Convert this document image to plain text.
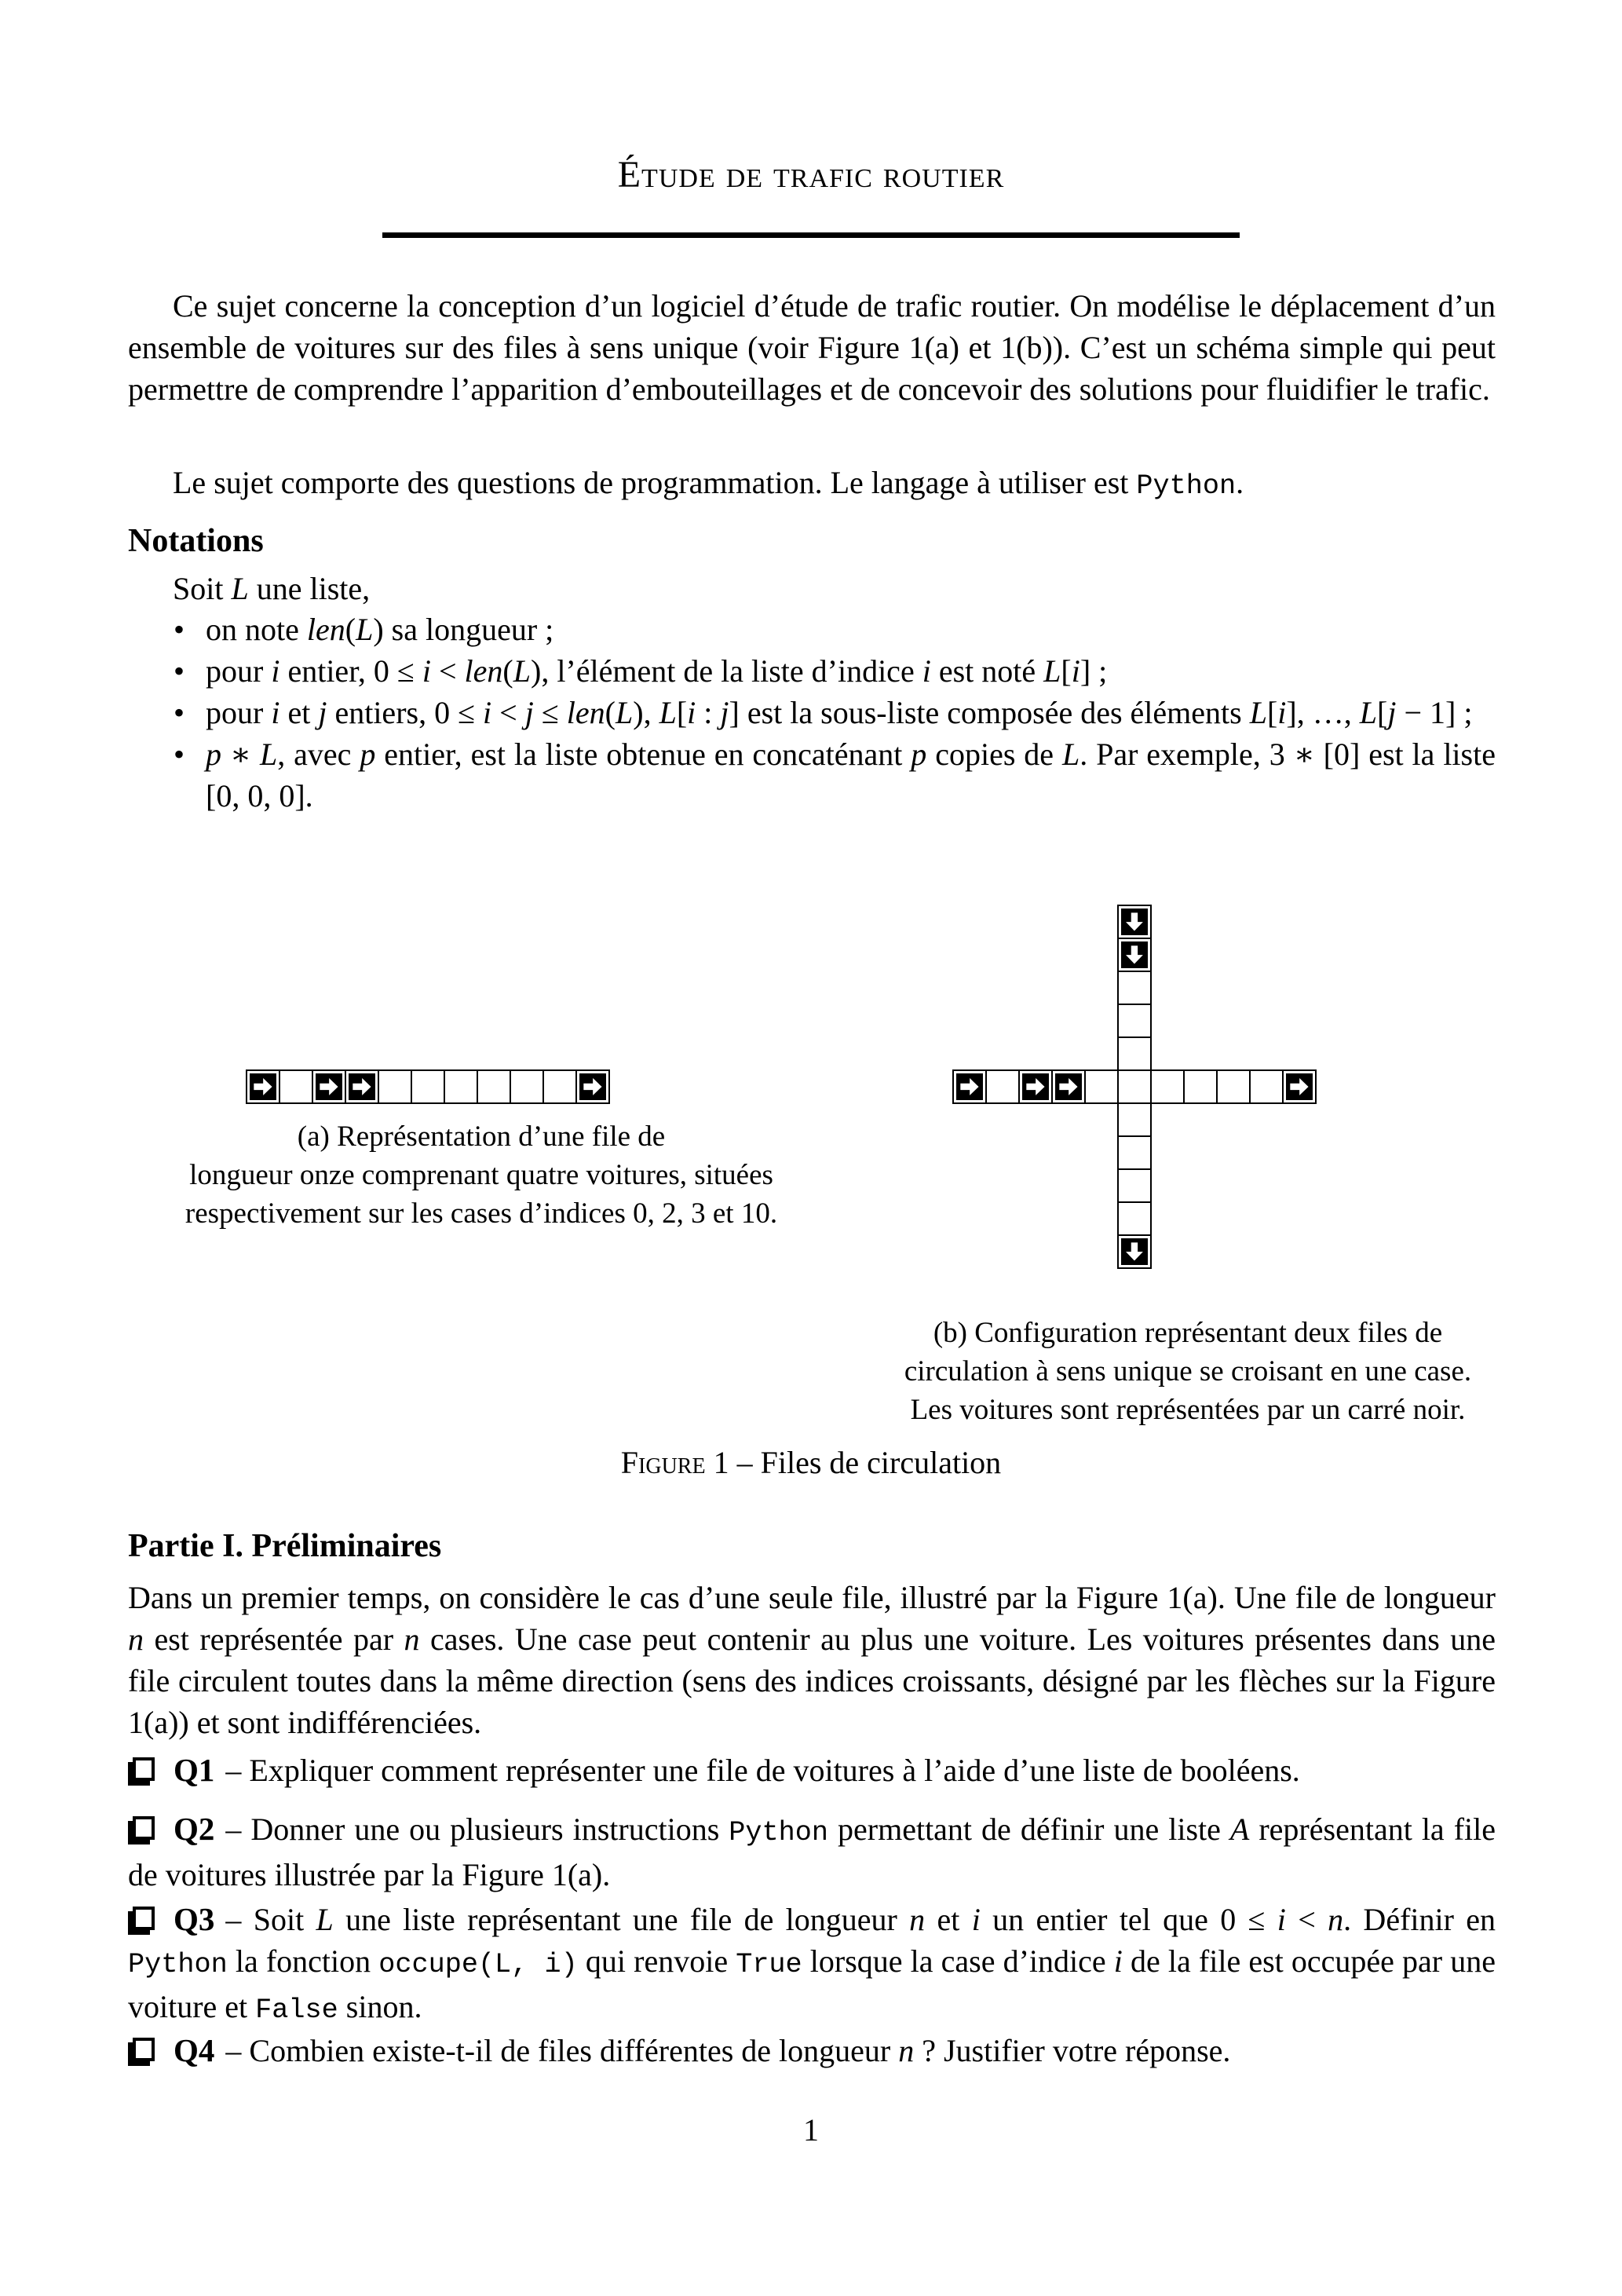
Étude de trafic routier
Ce sujet concerne la conception d’un logiciel d’étude de trafic routier. On modélise le déplacement d’un ensemble de voitures sur des files à sens unique (voir Figure 1(a) et 1(b)). C’est un schéma simple qui peut permettre de comprendre l’apparition d’embouteillages et de concevoir des solutions pour fluidifier le trafic.
Le sujet comporte des questions de programmation. Le langage à utiliser est Python.
Notations
Soit L une liste,
• on note len(L) sa longueur ;
• pour i entier, 0 ≤ i < len(L), l’élément de la liste d’indice i est noté L[i] ;
• pour i et j entiers, 0 ≤ i < j ≤ len(L), L[i : j] est la sous-liste composée des éléments L[i], …, L[j − 1] ;
• p ∗ L, avec p entier, est la liste obtenue en concaténant p copies de L. Par exemple, 3 ∗ [0] est la liste [0, 0, 0].
(a) Représentation d’une file de
longueur onze comprenant quatre voitures, situées
respectivement sur les cases d’indices 0, 2, 3 et 10.
(b) Configuration représentant deux files de
circulation à sens unique se croisant en une case.
Les voitures sont représentées par un carré noir.
Figure 1 – Files de circulation
Partie I. Préliminaires
Dans un premier temps, on considère le cas d’une seule file, illustré par la Figure 1(a). Une file de longueur n est représentée par n cases. Une case peut contenir au plus une voiture. Les voitures présentes dans une file circulent toutes dans la même direction (sens des indices croissants, désigné par les flèches sur la Figure 1(a)) et sont indifférenciées.
Q1 – Expliquer comment représenter une file de voitures à l’aide d’une liste de booléens.
Q2 – Donner une ou plusieurs instructions Python permettant de définir une liste A représentant la file de voitures illustrée par la Figure 1(a).
Q3 – Soit L une liste représentant une file de longueur n et i un entier tel que 0 ≤ i < n. Définir en Python la fonction occupe(L, i) qui renvoie True lorsque la case d’indice i de la file est occupée par une voiture et False sinon.
Q4 – Combien existe-t-il de files différentes de longueur n ? Justifier votre réponse.
1
